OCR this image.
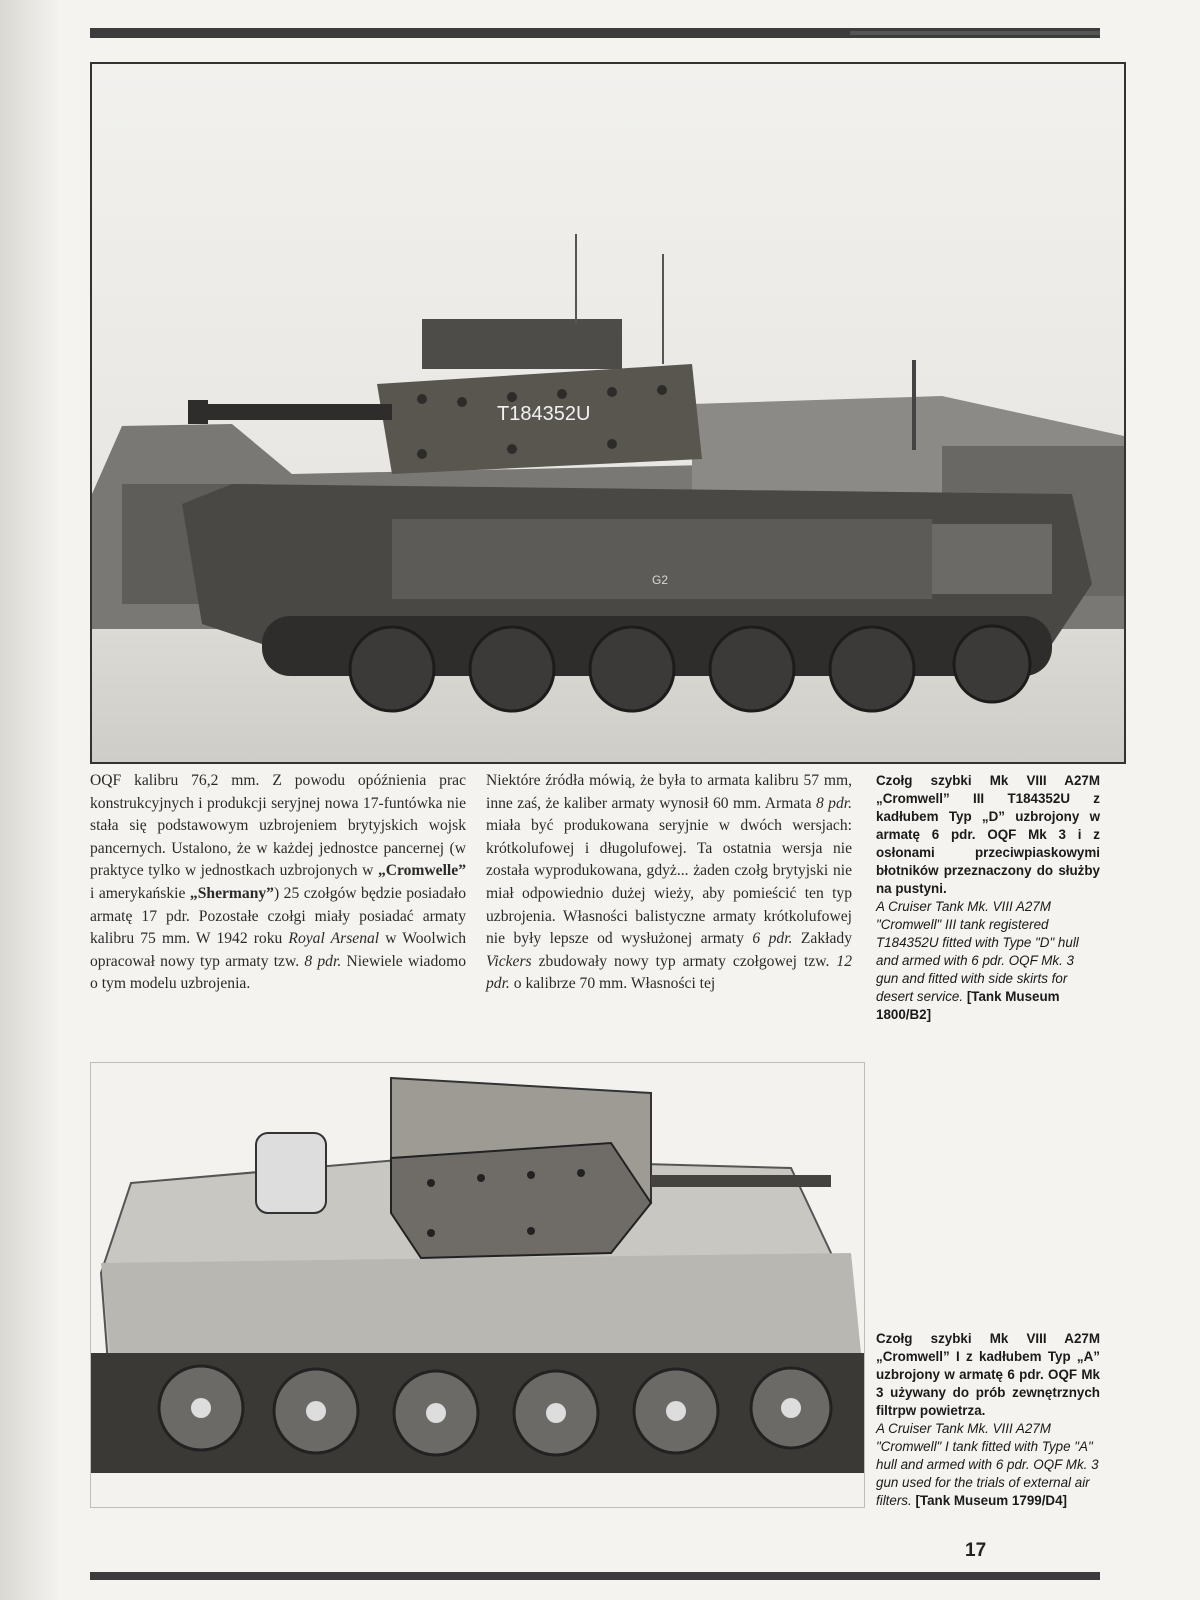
T184352U
G2

OQF kalibru 76,2 mm. Z powodu opóźnienia prac konstrukcyjnych i produkcji seryjnej nowa 17-funtówka nie stała się podstawowym uzbrojeniem brytyjskich wojsk pancernych. Ustalono, że w każdej jednostce pancernej (w praktyce tylko w jednostkach uzbrojonych w „Cromwelle” i amerykańskie „Shermany”) 25 czołgów będzie posiadało armatę 17 pdr. Pozostałe czołgi miały posiadać armaty kalibru 75 mm. W 1942 roku Royal Arsenal w Woolwich opracował nowy typ armaty tzw. 8 pdr. Niewiele wiadomo o tym modelu uzbrojenia.

Niektóre źródła mówią, że była to armata kalibru 57 mm, inne zaś, że kaliber armaty wynosił 60 mm. Armata 8 pdr. miała być produkowana seryjnie w dwóch wersjach: krótkolufowej i długolufowej. Ta ostatnia wersja nie została wyprodukowana, gdyż... żaden czołg brytyjski nie miał odpowiednio dużej wieży, aby pomieścić ten typ uzbrojenia. Własności balistyczne armaty krótkolufowej nie były lepsze od wysłużonej armaty 6 pdr. Zakłady Vickers zbudowały nowy typ armaty czołgowej tzw. 12 pdr. o kalibrze 70 mm. Własności tej

Czołg szybki Mk VIII A27M „Cromwell” III T184352U z kadłubem Typ „D” uzbrojony w armatę 6 pdr. OQF Mk 3 i z osłonami przeciwpiaskowymi błotników przeznaczony do służby na pustyni.
A Cruiser Tank Mk. VIII A27M "Cromwell" III tank registered T184352U fitted with Type "D" hull and armed with 6 pdr. OQF Mk. 3 gun and fitted with side skirts for desert service. [Tank Museum 1800/B2]
Czołg szybki Mk VIII A27M „Cromwell” I z kadłubem Typ „A” uzbrojony w armatę 6 pdr. OQF Mk 3 używany do prób zewnętrznych filtrpw powietrza.
A Cruiser Tank Mk. VIII A27M "Cromwell" I tank fitted with Type "A" hull and armed with 6 pdr. OQF Mk. 3 gun used for the trials of external air filters. [Tank Museum 1799/D4]
17
